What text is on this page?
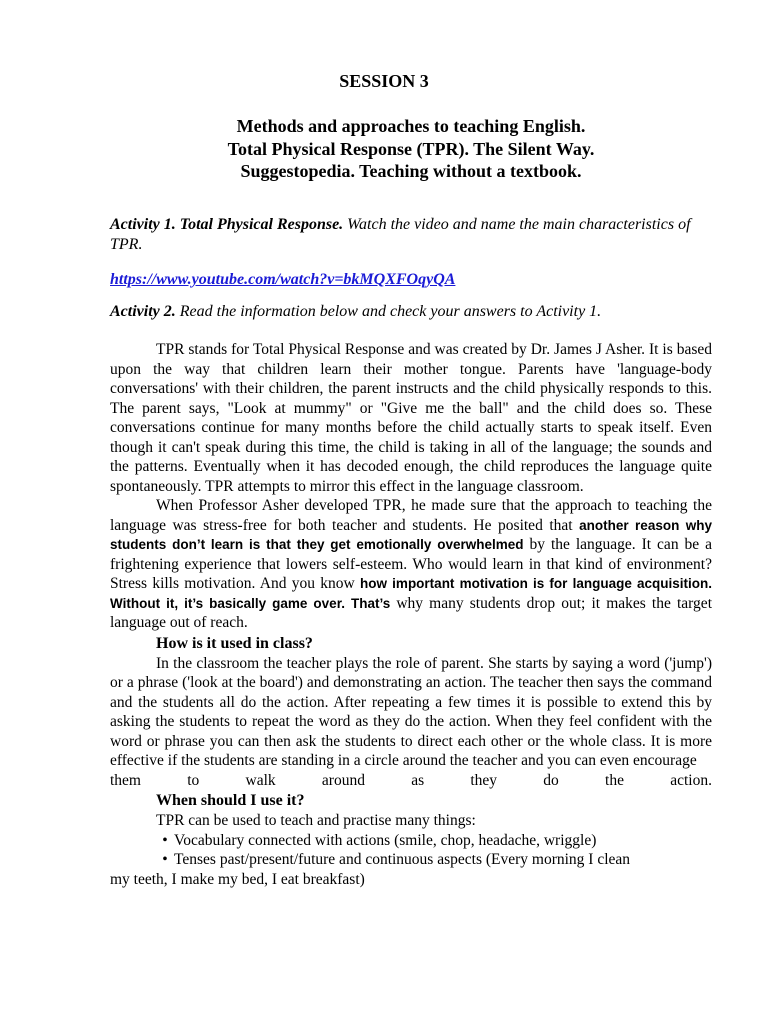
SESSION 3
Methods and approaches to teaching English.
Total Physical Response (TPR). The Silent Way.
Suggestopedia. Teaching without a textbook.
Activity 1. Total Physical Response. Watch the video and name the main characteristics of TPR.
https://www.youtube.com/watch?v=bkMQXFOqyQA
Activity 2. Read the information below and check your answers to Activity 1.

TPR stands for Total Physical Response and was created by Dr. James J Asher. It is based upon the way that children learn their mother tongue. Parents have 'language-body conversations' with their children, the parent instructs and the child physically responds to this. The parent says, "Look at mummy" or "Give me the ball" and the child does so. These conversations continue for many months before the child actually starts to speak itself. Even though it can't speak during this time, the child is taking in all of the language; the sounds and the patterns. Eventually when it has decoded enough, the child reproduces the language quite spontaneously. TPR attempts to mirror this effect in the language classroom.

When Professor Asher developed TPR, he made sure that the approach to teaching the language was stress-free for both teacher and students. He posited that another reason why students don’t learn is that they get emotionally overwhelmed by the language. It can be a frightening experience that lowers self-esteem. Who would learn in that kind of environment? Stress kills motivation. And you know how important motivation is for language acquisition. Without it, it’s basically game over. That’s why many students drop out; it makes the target language out of reach.

How is it used in class?

In the classroom the teacher plays the role of parent. She starts by saying a word ('jump') or a phrase ('look at the board') and demonstrating an action. The teacher then says the command and the students all do the action. After repeating a few times it is possible to extend this by asking the students to repeat the word as they do the action. When they feel confident with the word or phrase you can then ask the students to direct each other or the whole class. It is more effective if the students are standing in a circle around the teacher and you can even encourage

them to walk around as they do the action.
When should I use it?
TPR can be used to teach and practise many things:
• Vocabulary connected with actions (smile, chop, headache, wriggle)
• Tenses past/present/future and continuous aspects (Every morning I clean
my teeth, I make my bed, I eat breakfast)
